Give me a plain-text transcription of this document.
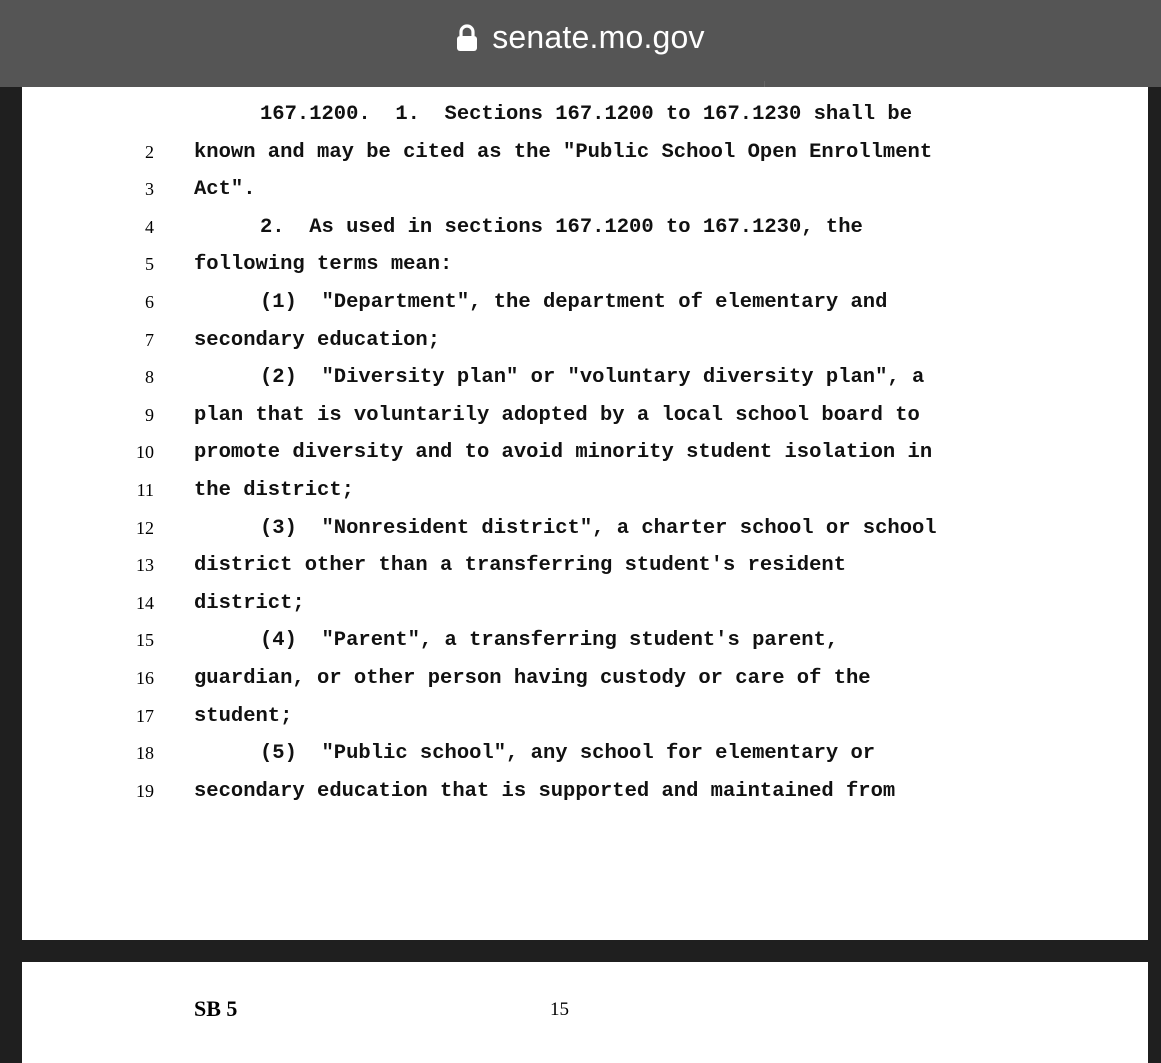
senate.mo.gov
167.1200.  1.  Sections 167.1200 to 167.1230 shall be
2 known and may be cited as the "Public School Open Enrollment
3 Act".
4	2.  As used in sections 167.1200 to 167.1230, the
5 following terms mean:
6	(1)  "Department", the department of elementary and
7 secondary education;
8	(2)  "Diversity plan" or "voluntary diversity plan", a
9 plan that is voluntarily adopted by a local school board to
10 promote diversity and to avoid minority student isolation in
11 the district;
12	(3)  "Nonresident district", a charter school or school
13 district other than a transferring student's resident
14 district;
15	(4)  "Parent", a transferring student's parent,
16 guardian, or other person having custody or care of the
17 student;
18	(5)  "Public school", any school for elementary or
19 secondary education that is supported and maintained from
SB 5	15
